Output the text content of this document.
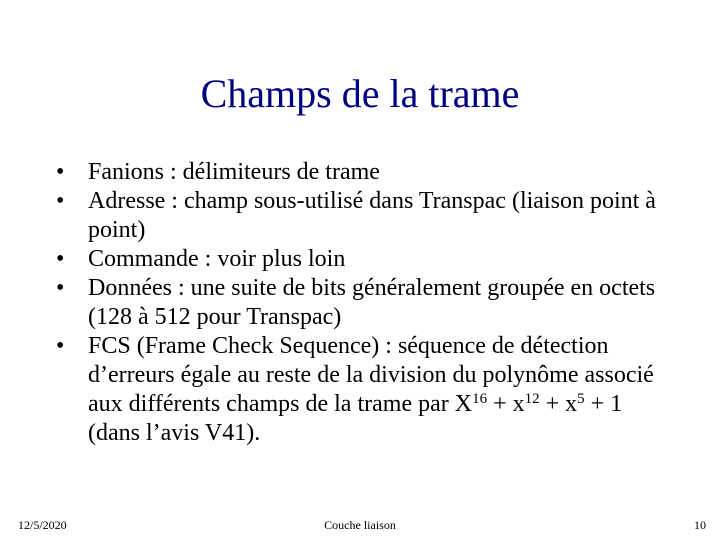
Champs de la trame
• Fanions : délimiteurs de trame
• Adresse : champ sous-utilisé dans Transpac (liaison point à point)
• Commande : voir plus loin
• Données : une suite de bits généralement groupée en octets (128 à 512 pour Transpac)
• FCS (Frame Check Sequence) : séquence de détection d’erreurs égale au reste de la division du polynôme associé aux différents champs de la trame par $X^{16} + x^{12} + x^5 + 1$ (dans l’avis V41).
12/5/2020	Couche liaison	10
